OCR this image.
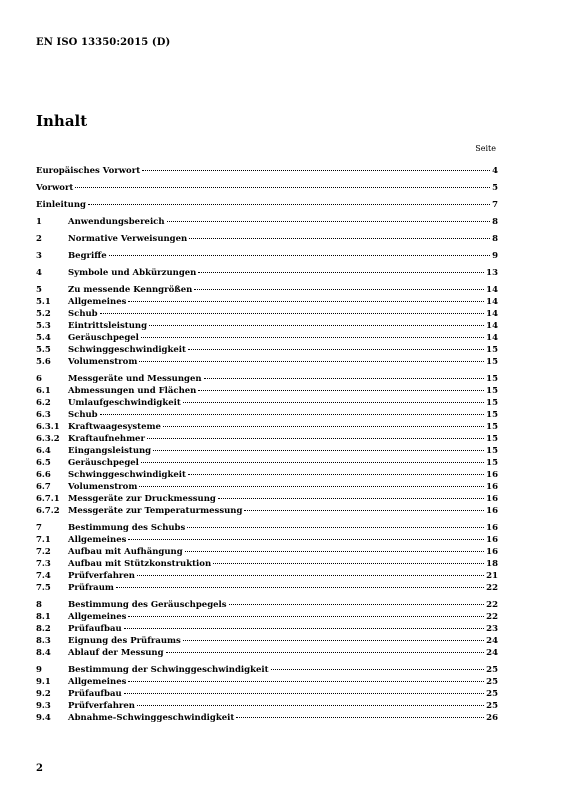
EN ISO 13350:2015 (D)
Inhalt
Seite
Europäisches Vorwort	4
Vorwort	5
Einleitung	7
1	Anwendungsbereich	8
2	Normative Verweisungen	8
3	Begriffe	9
4	Symbole und Abkürzungen	13
5	Zu messende Kenngrößen	14
5.1	Allgemeines	14
5.2	Schub	14
5.3	Eintrittsleistung	14
5.4	Geräuschpegel	14
5.5	Schwinggeschwindigkeit	15
5.6	Volumenstrom	15
6	Messgeräte und Messungen	15
6.1	Abmessungen und Flächen	15
6.2	Umlaufgeschwindigkeit	15
6.3	Schub	15
6.3.1 Kraftwaagesysteme	15
6.3.2 Kraftaufnehmer	15
6.4	Eingangsleistung	15
6.5	Geräuschpegel	15
6.6	Schwinggeschwindigkeit	16
6.7	Volumenstrom	16
6.7.1 Messgeräte zur Druckmessung	16
6.7.2 Messgeräte zur Temperaturmessung	16
7	Bestimmung des Schubs	16
7.1	Allgemeines	16
7.2	Aufbau mit Aufhängung	16
7.3	Aufbau mit Stützkonstruktion	18
7.4	Prüfverfahren	21
7.5	Prüfraum	22
8	Bestimmung des Geräuschpegels	22
8.1	Allgemeines	22
8.2	Prüfaufbau	23
8.3	Eignung des Prüfraums	24
8.4	Ablauf der Messung	24
9	Bestimmung der Schwinggeschwindigkeit	25
9.1	Allgemeines	25
9.2	Prüfaufbau	25
9.3	Prüfverfahren	25
9.4	Abnahme-Schwinggeschwindigkeit	26
2
